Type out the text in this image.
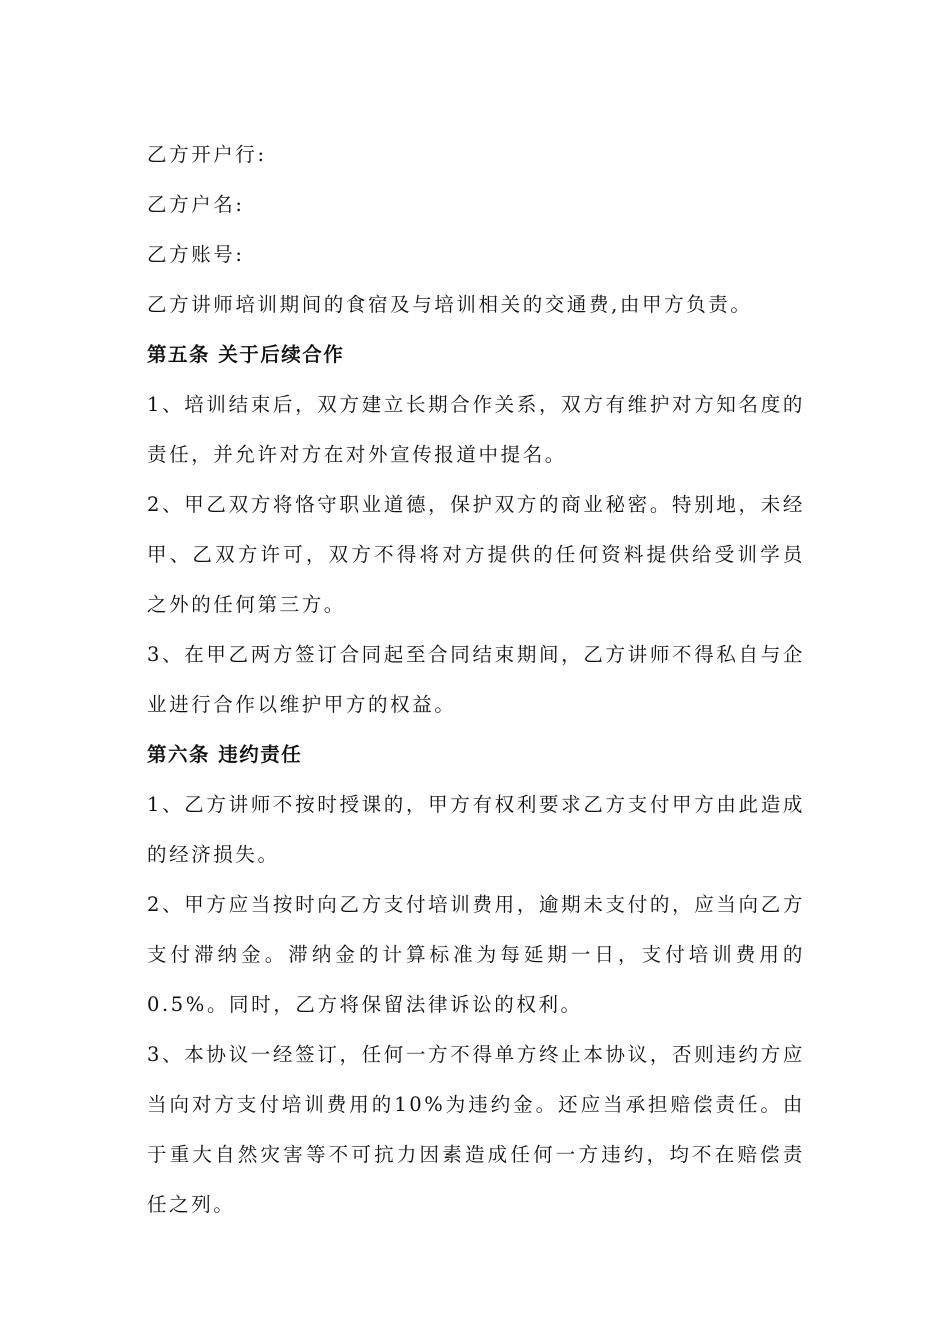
乙方开户行:

乙方户名:

乙方账号:

乙方讲师培训期间的食宿及与培训相关的交通费,由甲方负责。

第五条 关于后续合作

1、培训结束后，双方建立长期合作关系，双方有维护对方知名度的责任，并允许对方在对外宣传报道中提名。

2、甲乙双方将恪守职业道德，保护双方的商业秘密。特别地，未经甲、乙双方许可，双方不得将对方提供的任何资料提供给受训学员之外的任何第三方。

3、在甲乙两方签订合同起至合同结束期间，乙方讲师不得私自与企业进行合作以维护甲方的权益。

第六条 违约责任

1、乙方讲师不按时授课的，甲方有权利要求乙方支付甲方由此造成的经济损失。

2、甲方应当按时向乙方支付培训费用，逾期未支付的，应当向乙方支付滞纳金。滞纳金的计算标准为每延期一日，支付培训费用的0.5%。同时，乙方将保留法律诉讼的权利。

3、本协议一经签订，任何一方不得单方终止本协议，否则违约方应当向对方支付培训费用的10%为违约金。还应当承担赔偿责任。由于重大自然灾害等不可抗力因素造成任何一方违约，均不在赔偿责任之列。
